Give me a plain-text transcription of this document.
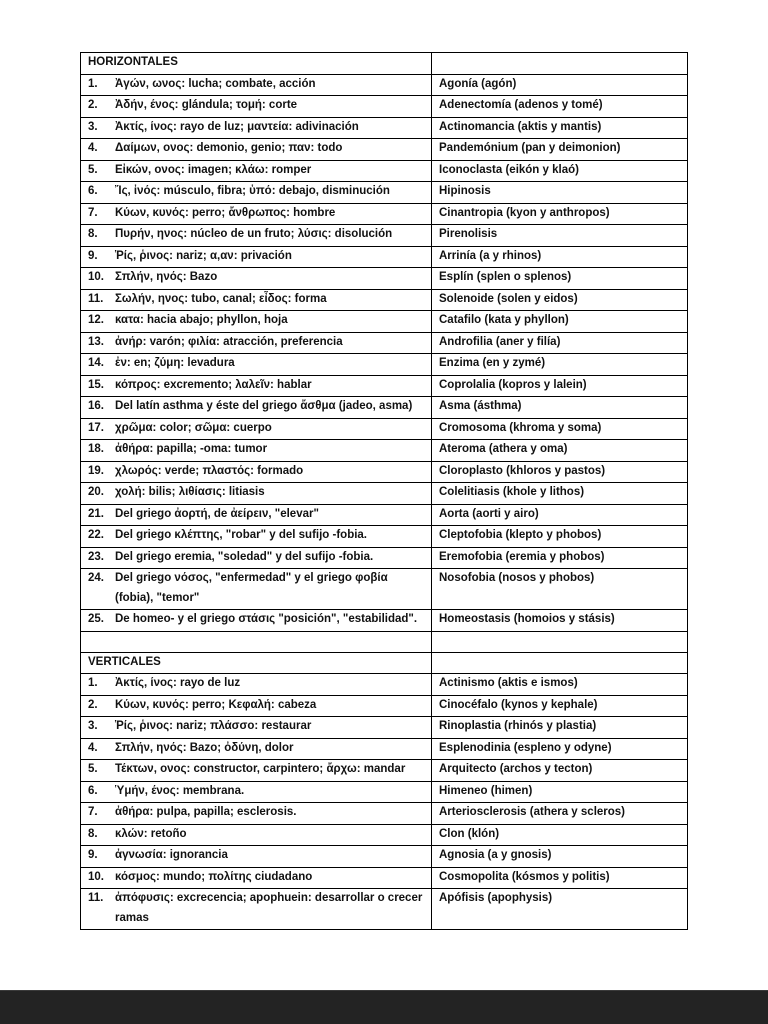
HORIZONTALES	

1. Ἀγών, ωνος: lucha; combate, acción	Agonía (agón)

2. Ἀδήν, ένος: glándula; τομή: corte	Adenectomía (adenos y tomé)

3. Ἀκτίς, ίνος: rayo de luz; μαντεία: adivinación	Actinomancia (aktis y mantis)

4. Δαίμων, ονος: demonio, genio; παν: todo	Pandemónium (pan y deimonion)

5. Εἰκών, ονος: imagen; κλάω: romper	Iconoclasta (eikón y klaó)

6. Ἴς, ἰνός: músculo, fibra; ὑπό: debajo, disminución	Hipinosis

7. Κύων, κυνός: perro; ἄνθρωπος: hombre	Cinantropia (kyon y anthropos)

8. Πυρήν, ηνος: núcleo de un fruto; λύσις: disolución	Pirenolisis

9. Ῥίς, ῥινος: nariz; α,αν: privación	Arrinía (a y rhinos)

10. Σπλήν, ηνός: Bazo	Esplín (splen o splenos)

11. Σωλήν, ηνος: tubo, canal; εἶδος: forma	Solenoide (solen y eidos)

12. κατα: hacia abajo; phyllon, hoja	Catafilo (kata y phyllon)

13. ἀνήρ: varón; φιλία: atracción, preferencia	Androfilia (aner y filía)

14. ἐν: en; ζύμη: levadura	Enzima (en y zymé)

15. κόπρος: excremento; λαλεῖν: hablar	Coprolalia (kopros y lalein)

16. Del latín asthma y éste del griego ἄσθμα (jadeo, asma)	Asma (ásthma)

17. χρῶμα: color; σῶμα: cuerpo	Cromosoma (khroma y soma)

18. ἀθήρα: papilla; -oma: tumor	Ateroma (athera y oma)

19. χλωρός: verde; πλαστός: formado	Cloroplasto (khloros y pastos)

20. χολή: bilis; λιθίασις: litiasis	Colelitiasis (khole y lithos)

21. Del griego ἀορτή, de ἀείρειν, "elevar"	Aorta (aorti y airo)

22. Del griego κλέπτης, "robar" y del sufijo -fobia.	Cleptofobia (klepto y phobos)

23. Del griego eremia, "soledad" y del sufijo -fobia.	Eremofobia (eremia y phobos)

24. Del griego νόσος, "enfermedad" y el griego φοβία (fobia), "temor"	Nosofobia (nosos y phobos)

25. De homeo- y el griego στάσις "posición", "estabilidad".	Homeostasis (homoios y stásis)

VERTICALES	

1. Ἀκτίς, ίνος: rayo de luz	Actinismo (aktis e ismos)

2. Κύων, κυνός: perro; Κεφαλή: cabeza	Cinocéfalo (kynos y kephale)

3. Ῥίς, ῥινος: nariz; πλάσσο: restaurar	Rinoplastia (rhinós y plastia)

4. Σπλήν, ηνός: Bazo; ὀδύνη, dolor	Esplenodinia (espleno y odyne)

5. Τέκτων, ονος: constructor, carpintero; ἄρχω: mandar	Arquitecto (archos y tecton)

6. Ὑμήν, ένος: membrana.	Himeneo (himen)

7. ἀθήρα: pulpa, papilla; esclerosis.	Arteriosclerosis (athera y scleros)

8. κλών: retoño	Clon (klón)

9. ἀγνωσία: ignorancia	Agnosia (a y gnosis)

10. κόσμος: mundo; πολίτης ciudadano	Cosmopolita (kósmos y politis)

11. ἀπόφυσις: excrecencia; apophuein: desarrollar o crecer ramas	Apófisis (apophysis)
